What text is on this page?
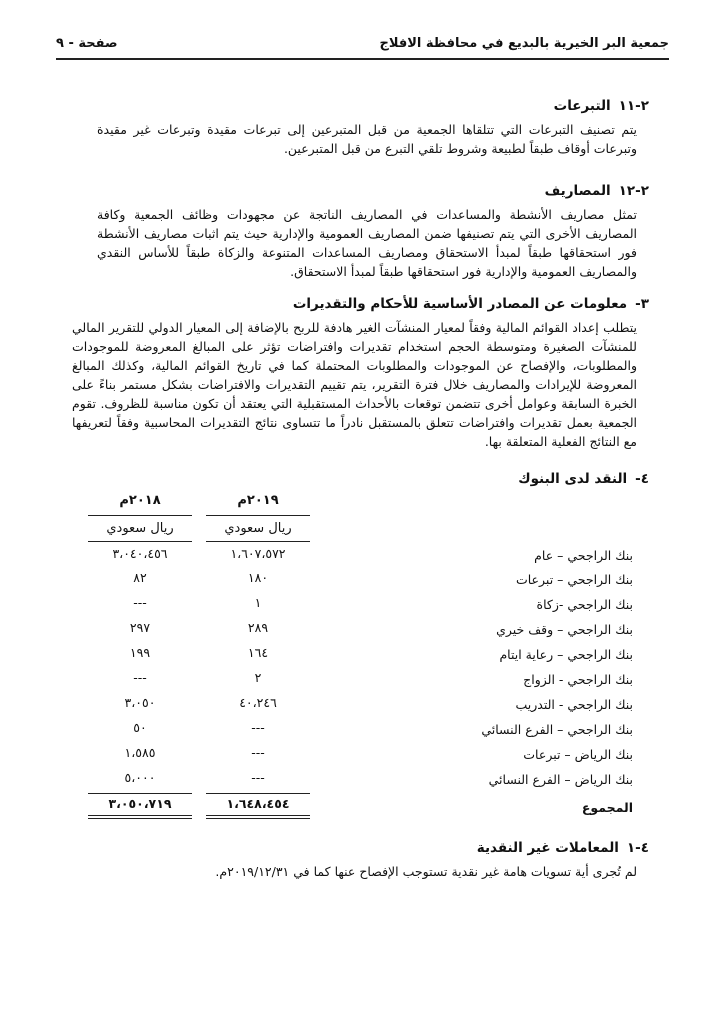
جمعية البر الخيرية بالبديع في محافظة الافلاج
صفحة - ٩
٢-١١التبرعات
يتم تصنيف التبرعات التي تتلقاها الجمعية من قبل المتبرعين إلى تبرعات مقيدة وتبرعات غير مقيدة وتبرعات أوقاف طبقاً لطبيعة وشروط تلقي التبرع من قبل المتبرعين.
٢-١٢المصاريف
تمثل مصاريف الأنشطة والمساعدات في المصاريف الناتجة عن مجهودات وظائف الجمعية وكافة المصاريف الأخرى التي يتم تصنيفها ضمن المصاريف العمومية والإدارية حيث يتم اثبات مصاريف الأنشطة فور استحقاقها طبقاً لمبدأ الاستحقاق ومصاريف المساعدات المتنوعة والزكاة طبقاً للأساس النقدي والمصاريف العمومية والإدارية فور استحقاقها طبقاً لمبدأ الاستحقاق.
٣-معلومات عن المصادر الأساسية للأحكام والتقديرات
يتطلب إعداد القوائم المالية وفقاً لمعيار المنشآت الغير هادفة للربح بالإضافة إلى المعيار الدولي للتقرير المالي للمنشآت الصغيرة ومتوسطة الحجم استخدام تقديرات وافتراضات تؤثر على المبالغ المعروضة للموجودات والمطلوبات، والإفصاح عن الموجودات والمطلوبات المحتملة كما في تاريخ القوائم المالية، وكذلك المبالغ المعروضة للإيرادات والمصاريف خلال فترة التقرير، يتم تقييم التقديرات والافتراضات بشكل مستمر بناءً على الخبرة السابقة وعوامل أخرى تتضمن توقعات بالأحداث المستقبلية التي يعتقد أن تكون مناسبة للظروف. تقوم الجمعية بعمل تقديرات وافتراضات تتعلق بالمستقبل نادراً ما تتساوى نتائج التقديرات المحاسبية وفقاً لتعريفها مع النتائج الفعلية المتعلقة بها.
٤-النقد لدى البنوك
٢٠١٩م
٢٠١٨م
ريال سعودي
ريال سعودي
بنك الراجحي – عام
١،٦٠٧،٥٧٢
٣،٠٤٠،٤٥٦
بنك الراجحي – تبرعات
١٨٠
٨٢
بنك الراجحي -زكاة
١
---
بنك الراجحي – وقف خيري
٢٨٩
٢٩٧
بنك الراجحي – رعاية ايتام
١٦٤
١٩٩
بنك الراجحي - الزواج
٢
---
بنك الراجحي - التدريب
٤٠،٢٤٦
٣،٠٥٠
بنك الراجحي – الفرع النسائي
---
٥٠
بنك الرياض – تبرعات
---
١،٥٨٥
بنك الرياض – الفرع النسائي
---
٥،٠٠٠
المجموع
١،٦٤٨،٤٥٤
٣،٠٥٠،٧١٩
٤-١المعاملات غير النقدية
لم تُجرى أية تسويات هامة غير نقدية تستوجب الإفصاح عنها كما في ٢٠١٩/١٢/٣١م.
